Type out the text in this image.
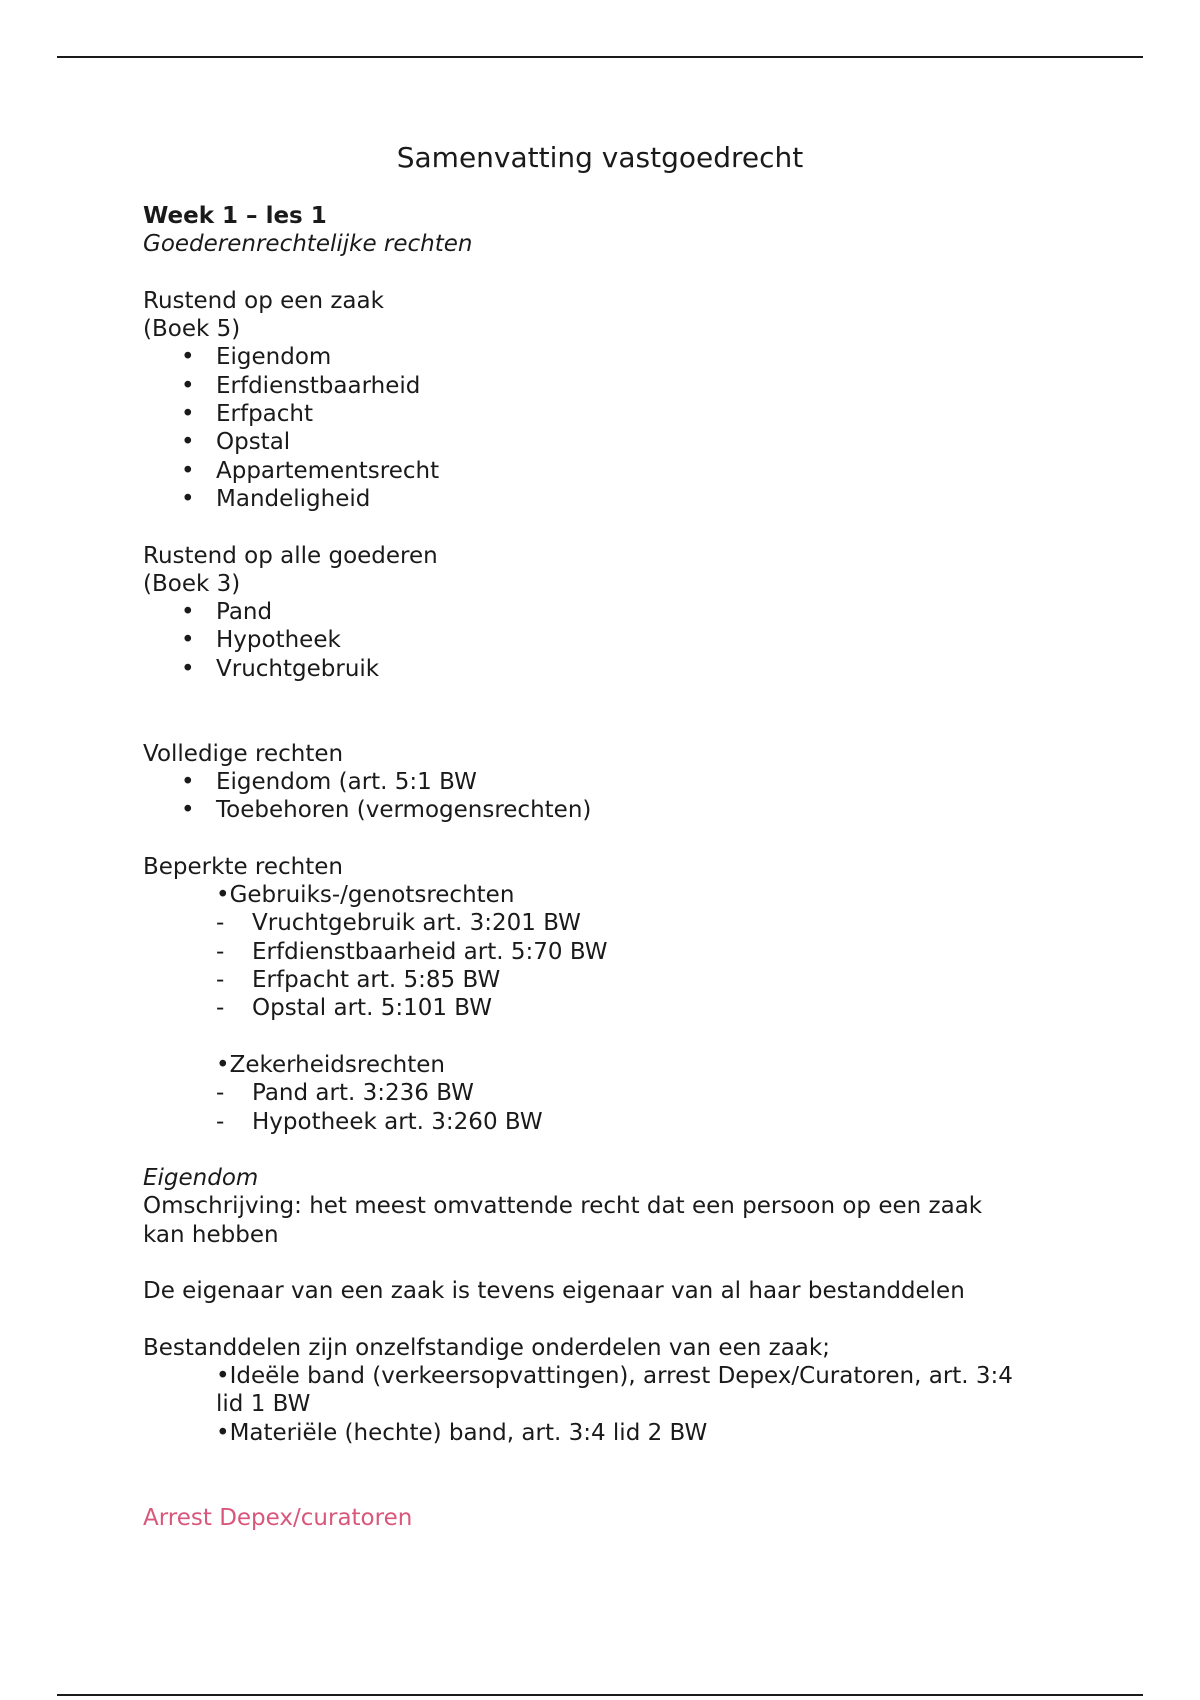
Samenvatting vastgoedrecht

Week 1 – les 1

Goederenrechtelijke rechten

Rustend op een zaak

(Boek 5)

• Eigendom
• Erfdienstbaarheid
• Erfpacht
• Opstal
• Appartementsrecht
• Mandeligheid

Rustend op alle goederen

(Boek 3)

• Pand
• Hypotheek
• Vruchtgebruik

Volledige rechten

• Eigendom (art. 5:1 BW
• Toebehoren (vermogensrechten)

Beperkte rechten

•Gebruiks-/genotsrechten

- Vruchtgebruik art. 3:201 BW
- Erfdienstbaarheid art. 5:70 BW
- Erfpacht art. 5:85 BW
- Opstal art. 5:101 BW

•Zekerheidsrechten

- Pand art. 3:236 BW
- Hypotheek art. 3:260 BW

Eigendom

Omschrijving: het meest omvattende recht dat een persoon op een zaak

kan hebben

De eigenaar van een zaak is tevens eigenaar van al haar bestanddelen

Bestanddelen zijn onzelfstandige onderdelen van een zaak;

•Ideële band (verkeersopvattingen), arrest Depex/Curatoren, art. 3:4

lid 1 BW

•Materiële (hechte) band, art. 3:4 lid 2 BW

Arrest Depex/curatoren
